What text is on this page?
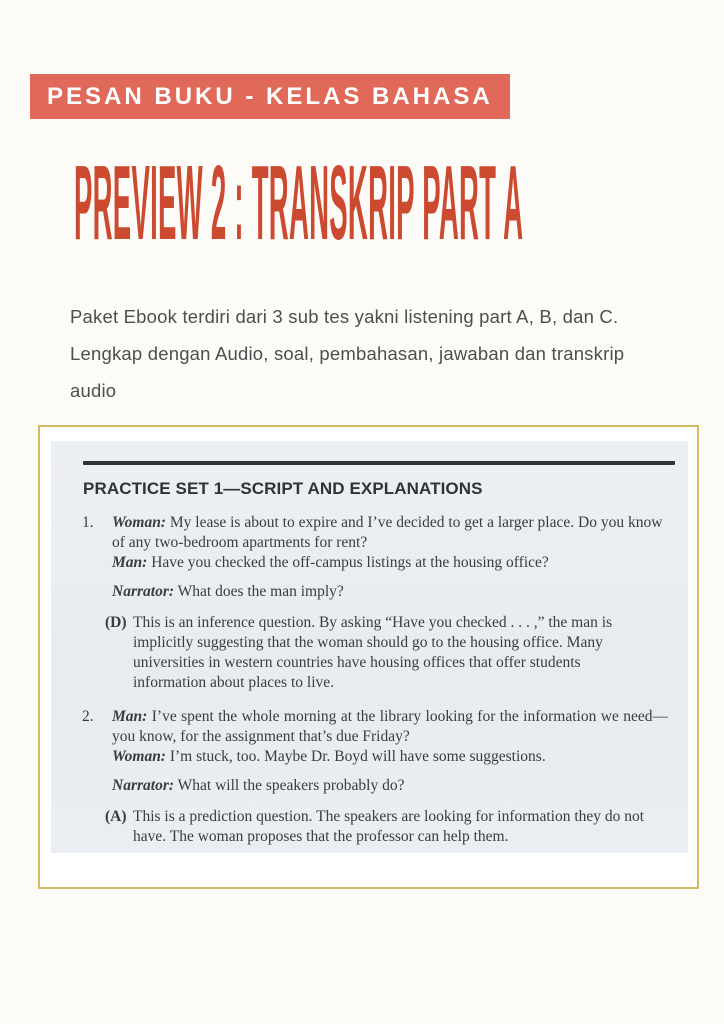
PESAN BUKU - KELAS BAHASA
PREVIEW 2 : TRANSKRIP PART A
Paket Ebook terdiri dari 3 sub tes yakni listening part A, B, dan C.
Lengkap dengan Audio, soal, pembahasan, jawaban dan transkrip
audio
PRACTICE SET 1—SCRIPT AND EXPLANATIONS
1.	Woman: My lease is about to expire and I’ve decided to get a larger place. Do you know of any two-bedroom apartments for rent?

Man: Have you checked the off-campus listings at the housing office?

Narrator: What does the man imply?

(D) This is an inference question. By asking “Have you checked . . . ,” the man is implicitly suggesting that the woman should go to the housing office. Many universities in western countries have housing offices that offer students information about places to live.

2.	Man: I’ve spent the whole morning at the library looking for the information we need—you know, for the assignment that’s due Friday?

Woman: I’m stuck, too. Maybe Dr. Boyd will have some suggestions.

Narrator: What will the speakers probably do?

(A) This is a prediction question. The speakers are looking for information they do not have. The woman proposes that the professor can help them.
